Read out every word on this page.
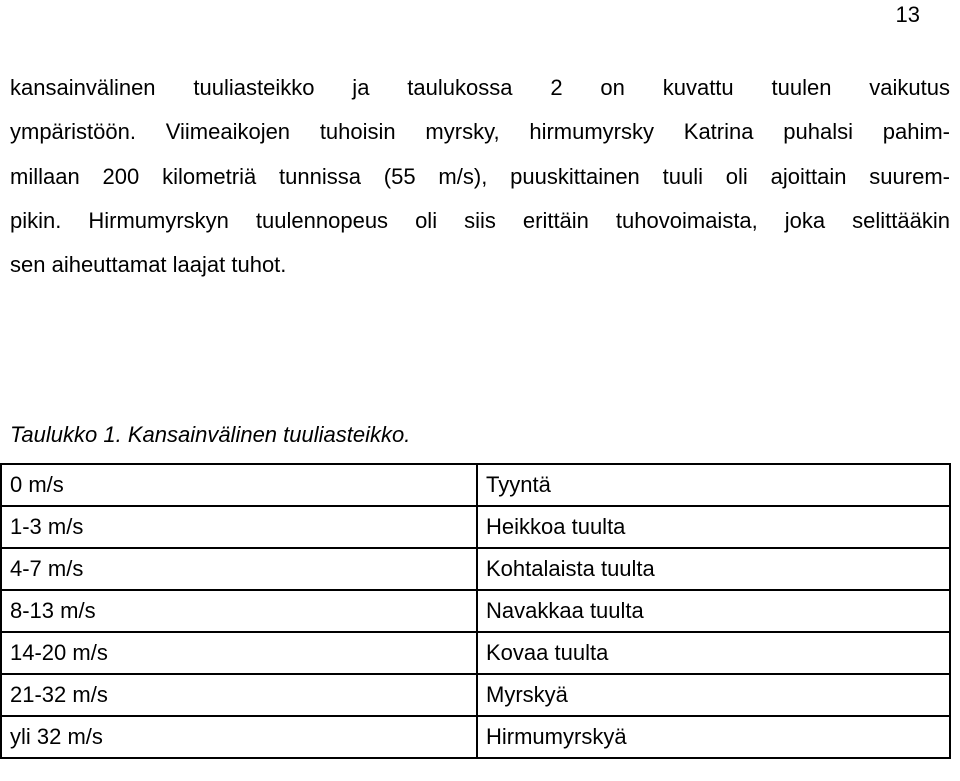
13
kansainvälinen tuuliasteikko ja taulukossa 2 on kuvattu tuulen vaikutus
ympäristöön. Viimeaikojen tuhoisin myrsky, hirmumyrsky Katrina puhalsi pahim-
millaan 200 kilometriä tunnissa (55 m/s), puuskittainen tuuli oli ajoittain suurem-
pikin. Hirmumyrskyn tuulennopeus oli siis erittäin tuhovoimaista, joka selittääkin
sen aiheuttamat laajat tuhot.
Taulukko 1. Kansainvälinen tuuliasteikko.
0 m/s	Tyyntä
1-3 m/s	Heikkoa tuulta
4-7 m/s	Kohtalaista tuulta
8-13 m/s	Navakkaa tuulta
14-20 m/s	Kovaa tuulta
21-32 m/s	Myrskyä
yli 32 m/s	Hirmumyrskyä
